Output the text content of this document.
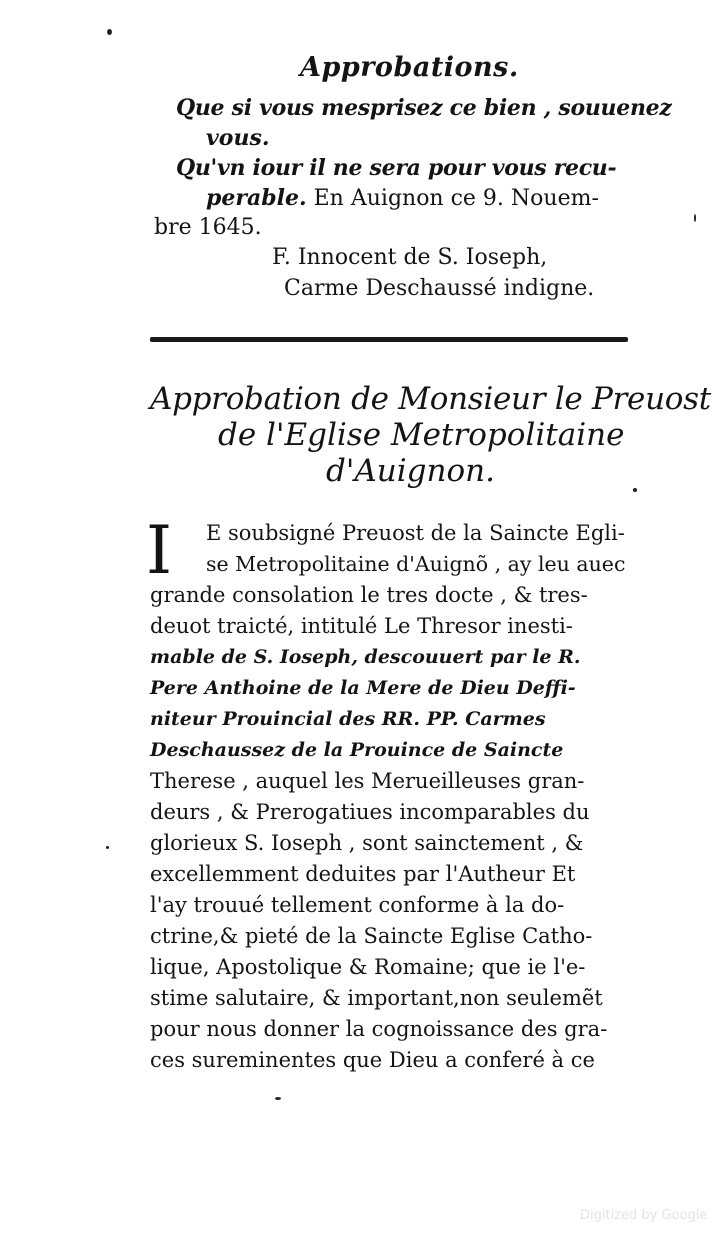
Approbations.
Que si vous mesprisez ce bien , souuenez
vous.
Qu'vn iour il ne sera pour vous recu-
perable. En Auignon ce 9. Nouem-
bre 1645.
F. Innocent de S. Ioseph,
Carme Deschaussé indigne.
Approbation de Monsieur le Preuost
de l'Eglise Metropolitaine
d'Auignon.
I E soubsigné Preuost de la Saincte Egli-
se Metropolitaine d'Auignõ , ay leu auec
grande consolation le tres docte , & tres-
deuot traicté, intitulé Le Thresor inesti-
mable de S. Ioseph, descouuert par le R.
Pere Anthoine de la Mere de Dieu Deffi-
niteur Prouincial des RR. PP. Carmes
Deschaussez de la Prouince de Saincte
Therese , auquel les Merueilleuses gran-
deurs , & Prerogatiues incomparables du
glorieux S. Ioseph , sont sainctement , &
excellemment deduites par l'Autheur Et
l'ay trouué tellement conforme à la do-
ctrine,& pieté de la Saincte Eglise Catho-
lique, Apostolique & Romaine; que ie l'e-
stime salutaire, & important,non seulemẽt
pour nous donner la cognoissance des gra-
ces sureminentes que Dieu a conferé à ce
Digitized by Google
